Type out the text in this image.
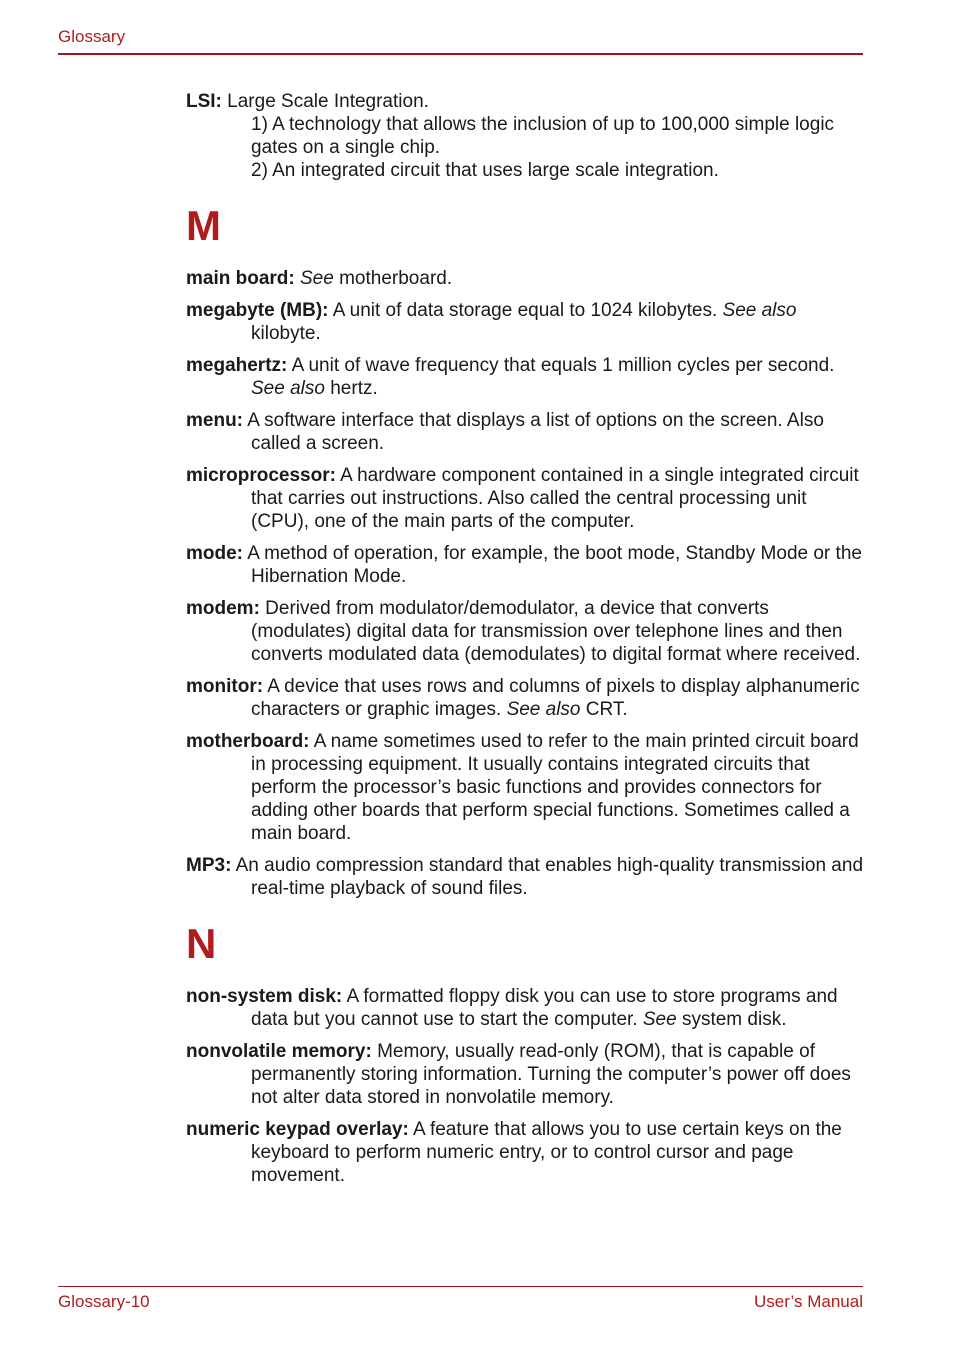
Glossary

LSI: Large Scale Integration.

1) A technology that allows the inclusion of up to 100,000 simple logic gates on a single chip.

2) An integrated circuit that uses large scale integration.

M

main board: See motherboard.

megabyte (MB): A unit of data storage equal to 1024 kilobytes. See also kilobyte.

megahertz: A unit of wave frequency that equals 1 million cycles per second. See also hertz.

menu: A software interface that displays a list of options on the screen. Also called a screen.

microprocessor: A hardware component contained in a single integrated circuit that carries out instructions. Also called the central processing unit (CPU), one of the main parts of the computer.

mode: A method of operation, for example, the boot mode, Standby Mode or the Hibernation Mode.

modem: Derived from modulator/demodulator, a device that converts (modulates) digital data for transmission over telephone lines and then converts modulated data (demodulates) to digital format where received.

monitor: A device that uses rows and columns of pixels to display alphanumeric characters or graphic images. See also CRT.

motherboard: A name sometimes used to refer to the main printed circuit board in processing equipment. It usually contains integrated circuits that perform the processor’s basic functions and provides connectors for adding other boards that perform special functions. Sometimes called a main board.

MP3: An audio compression standard that enables high-quality transmission and real-time playback of sound files.

N

non-system disk: A formatted floppy disk you can use to store programs and data but you cannot use to start the computer. See system disk.

nonvolatile memory: Memory, usually read-only (ROM), that is capable of permanently storing information. Turning the computer’s power off does not alter data stored in nonvolatile memory.

numeric keypad overlay: A feature that allows you to use certain keys on the keyboard to perform numeric entry, or to control cursor and page movement.

Glossary-10	User’s Manual
